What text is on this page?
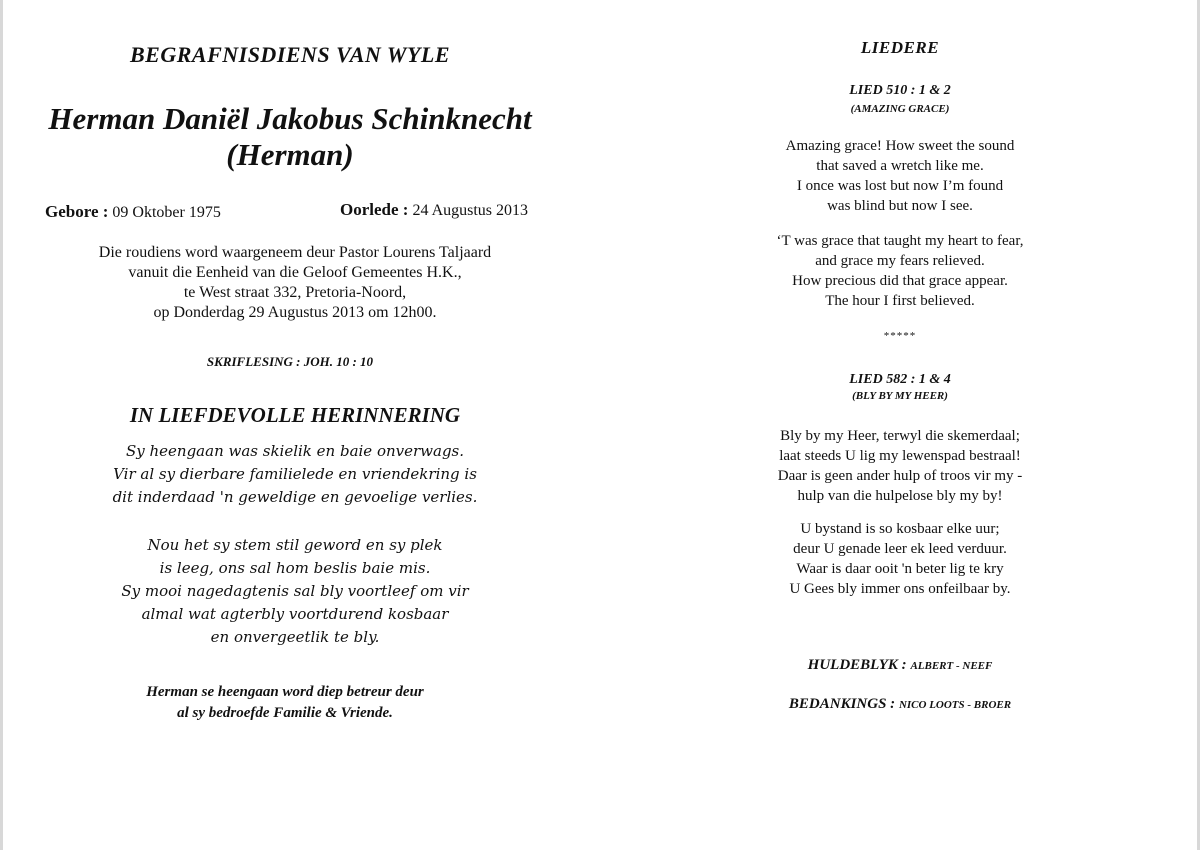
BEGRAFNISDIENS VAN WYLE
Herman Daniël Jakobus Schinknecht
(Herman)
Gebore : 09 Oktober 1975	Oorlede : 24 Augustus 2013
Die roudiens word waargeneem deur Pastor Lourens Taljaard
vanuit die Eenheid van die Geloof Gemeentes H.K.,
te West straat 332, Pretoria-Noord,
op Donderdag 29 Augustus 2013 om 12h00.
SKRIFLESING : JOH. 10 : 10
IN LIEFDEVOLLE HERINNERING
Sy heengaan was skielik en baie onverwags.
Vir al sy dierbare familielede en vriendekring is
dit inderdaad 'n geweldige en gevoelige verlies.
Nou het sy stem stil geword en sy plek
is leeg, ons sal hom beslis baie mis.
Sy mooi nagedagtenis sal bly voortleef om vir
almal wat agterbly voortdurend kosbaar
en onvergeetlik te bly.
Herman se heengaan word diep betreur deur
al sy bedroefde Familie & Vriende.
LIEDERE
LIED 510 : 1 & 2
(AMAZING GRACE)
Amazing grace! How sweet the sound
that saved a wretch like me.
I once was lost but now I’m found
was blind but now I see.
‘T was grace that taught my heart to fear,
and grace my fears relieved.
How precious did that grace appear.
The hour I first believed.
*****
LIED 582 : 1 & 4
(BLY BY MY HEER)
Bly by my Heer, terwyl die skemerdaal;
laat steeds U lig my lewenspad bestraal!
Daar is geen ander hulp of troos vir my -
hulp van die hulpelose bly my by!
U bystand is so kosbaar elke uur;
deur U genade leer ek leed verduur.
Waar is daar ooit 'n beter lig te kry
U Gees bly immer ons onfeilbaar by.
HULDEBLYK : ALBERT - NEEF
BEDANKINGS : NICO LOOTS - BROER
